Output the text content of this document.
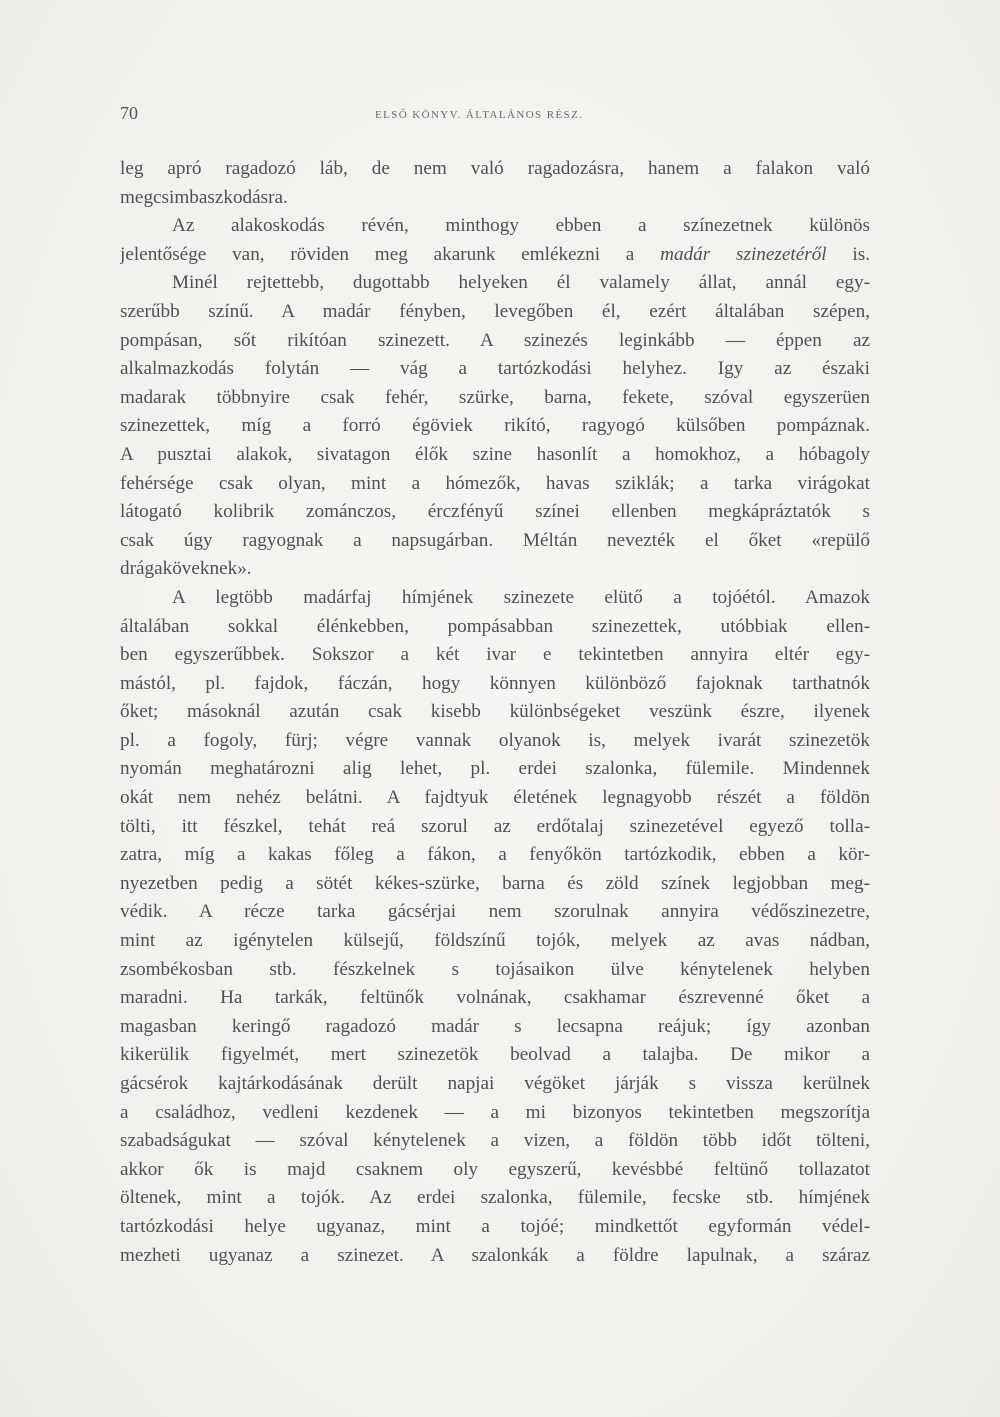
70	ELSŐ KÖNYV. ÁLTALÁNOS RÉSZ.

leg apró ragadozó láb, de nem való ragadozásra, hanem a falakon való

megcsimbaszkodásra.

Az alakoskodás révén, minthogy ebben a színezetnek különös

jelentősége van, röviden meg akarunk emlékezni a madár szinezetéről is.

Minél rejtettebb, dugottabb helyeken él valamely állat, annál egy-

szerűbb színű. A madár fényben, levegőben él, ezért általában szépen,

pompásan, sőt rikítóan szinezett. A szinezés leginkább — éppen az

alkalmazkodás folytán — vág a tartózkodási helyhez. Igy az északi

madarak többnyire csak fehér, szürke, barna, fekete, szóval egyszerüen

szinezettek, míg a forró égöviek rikító, ragyogó külsőben pompáznak.

A pusztai alakok, sivatagon élők szine hasonlít a homokhoz, a hóbagoly

fehérsége csak olyan, mint a hómezők, havas sziklák; a tarka virágokat

látogató kolibrik zománczos, érczfényű színei ellenben megkápráztatók s

csak úgy ragyognak a napsugárban. Méltán nevezték el őket «repülő

drágaköveknek».

A legtöbb madárfaj hímjének szinezete elütő a tojóétól. Amazok

általában sokkal élénkebben, pompásabban szinezettek, utóbbiak ellen-

ben egyszerűbbek. Sokszor a két ivar e tekintetben annyira eltér egy-

mástól, pl. fajdok, fáczán, hogy könnyen különböző fajoknak tarthatnók

őket; másoknál azután csak kisebb különbségeket veszünk észre, ilyenek

pl. a fogoly, fürj; végre vannak olyanok is, melyek ivarát szinezetök

nyomán meghatározni alig lehet, pl. erdei szalonka, fülemile. Mindennek

okát nem nehéz belátni. A fajdtyuk életének legnagyobb részét a földön

tölti, itt fészkel, tehát reá szorul az erdőtalaj szinezetével egyező tolla-

zatra, míg a kakas főleg a fákon, a fenyőkön tartózkodik, ebben a kör-

nyezetben pedig a sötét kékes-szürke, barna és zöld színek legjobban meg-

védik. A récze tarka gácsérjai nem szorulnak annyira védőszinezetre,

mint az igénytelen külsejű, földszínű tojók, melyek az avas nádban,

zsombékosban stb. fészkelnek s tojásaikon ülve kénytelenek helyben

maradni. Ha tarkák, feltünők volnának, csakhamar észrevenné őket a

magasban keringő ragadozó madár s lecsapna reájuk; így azonban

kikerülik figyelmét, mert szinezetök beolvad a talajba. De mikor a

gácsérok kajtárkodásának derült napjai végöket járják s vissza kerülnek

a családhoz, vedleni kezdenek — a mi bizonyos tekintetben megszorítja

szabadságukat — szóval kénytelenek a vizen, a földön több időt tölteni,

akkor ők is majd csaknem oly egyszerű, kevésbbé feltünő tollazatot

öltenek, mint a tojók. Az erdei szalonka, fülemile, fecske stb. hímjének

tartózkodási helye ugyanaz, mint a tojóé; mindkettőt egyformán védel-

mezheti ugyanaz a szinezet. A szalonkák a földre lapulnak, a száraz
